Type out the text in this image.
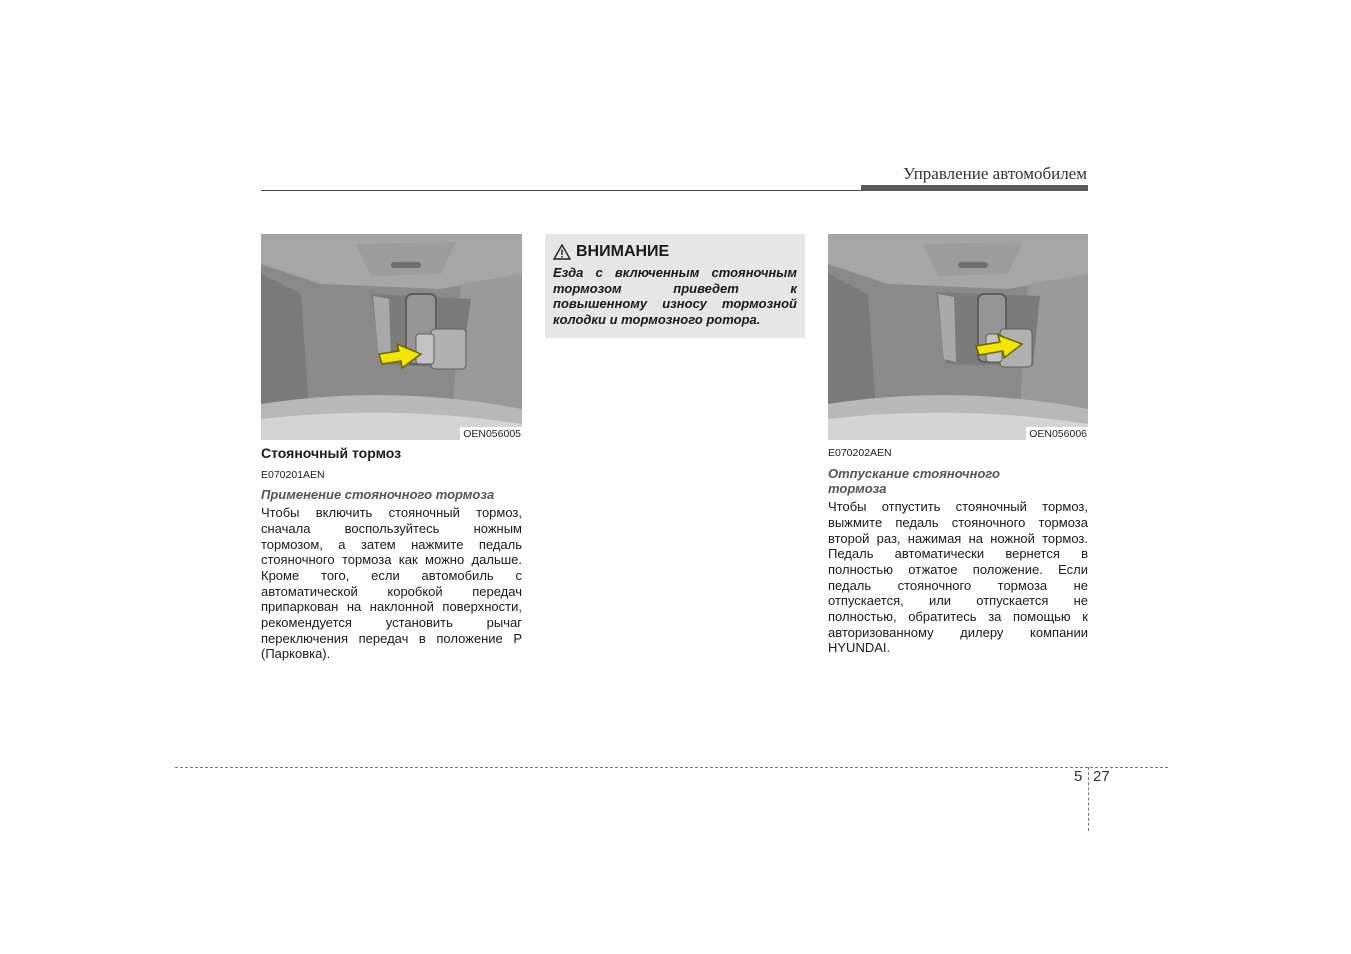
Управление автомобилем
OEN056005

Стояночный тормоз

E070201AEN

Применение стояночного тормоза

Чтобы включить стояночный тормоз, сначала воспользуйтесь ножным тормозом, а затем нажмите педаль стояночного тормоза как можно дальше. Кроме того, если автомобиль с автоматической коробкой передач припаркован на наклонной поверхности, рекомендуется установить рычаг переключения передач в положение P (Парковка).

ВНИМАНИЕ

Езда с включенным стояночным тормозом приведет к повышенному износу тормозной колодки и тормозного ротора.

OEN056006

E070202AEN

Отпускание стояночного тормоза

Чтобы отпустить стояночный тормоз, выжмите педаль стояночного тормоза второй раз, нажимая на ножной тормоз. Педаль автоматически вернется в полностью отжатое положение. Если педаль стояночного тормоза не отпускается, или отпускается не полностью, обратитесь за помощью к авторизованному дилеру компании HYUNDAI.

5 27
